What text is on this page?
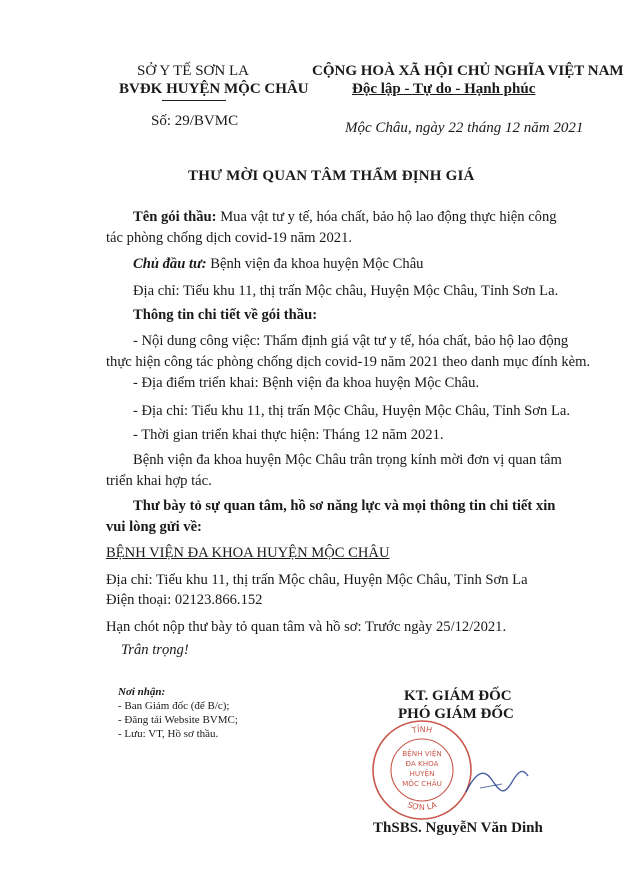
SỞ Y TẾ SƠN LA
BVĐK HUYỆN MỘC CHÂU
Số: 29/BVMC
CỘNG HOÀ XÃ HỘI CHỦ NGHĨA VIỆT NAM
Độc lập - Tự do - Hạnh phúc
Mộc Châu, ngày 22 tháng 12 năm 2021
THƯ MỜI QUAN TÂM THẨM ĐỊNH GIÁ
Tên gói thầu: Mua vật tư y tế, hóa chất, bảo hộ lao động thực hiện công
tác phòng chống dịch covid-19 năm 2021.
Chủ đầu tư: Bệnh viện đa khoa huyện Mộc Châu
Địa chỉ: Tiểu khu 11, thị trấn Mộc châu, Huyện Mộc Châu, Tỉnh Sơn La.
Thông tin chi tiết về gói thầu:
- Nội dung công việc: Thẩm định giá vật tư y tế, hóa chất, bảo hộ lao động
thực hiện công tác phòng chống dịch covid-19 năm 2021 theo danh mục đính kèm.
- Địa điểm triển khai: Bệnh viện đa khoa huyện Mộc Châu.
- Địa chỉ: Tiểu khu 11, thị trấn Mộc Châu, Huyện Mộc Châu, Tỉnh Sơn La.
- Thời gian triển khai thực hiện: Tháng 12 năm 2021.
Bệnh viện đa khoa huyện Mộc Châu trân trọng kính mời đơn vị quan tâm
triển khai hợp tác.
Thư bày tỏ sự quan tâm, hồ sơ năng lực và mọi thông tin chi tiết xin
vui lòng gửi về:
BỆNH VIỆN ĐA KHOA HUYỆN MỘC CHÂU
Địa chỉ: Tiểu khu 11, thị trấn Mộc châu, Huyện Mộc Châu, Tỉnh Sơn La
Điện thoại: 02123.866.152
Hạn chót nộp thư bày tỏ quan tâm và hồ sơ: Trước ngày 25/12/2021.
Trân trọng!
Nơi nhận:
- Ban Giám đốc (để B/c);
- Đăng tải Website BVMC;
- Lưu: VT, Hồ sơ thầu.
KT. GIÁM ĐỐC
PHÓ GIÁM ĐỐC
TỈNH
SƠN LA
BỆNH VIỆN
ĐA KHOA
HUYỆN
MỘC CHÂU
ThSBS. NguyễN Văn Dinh
